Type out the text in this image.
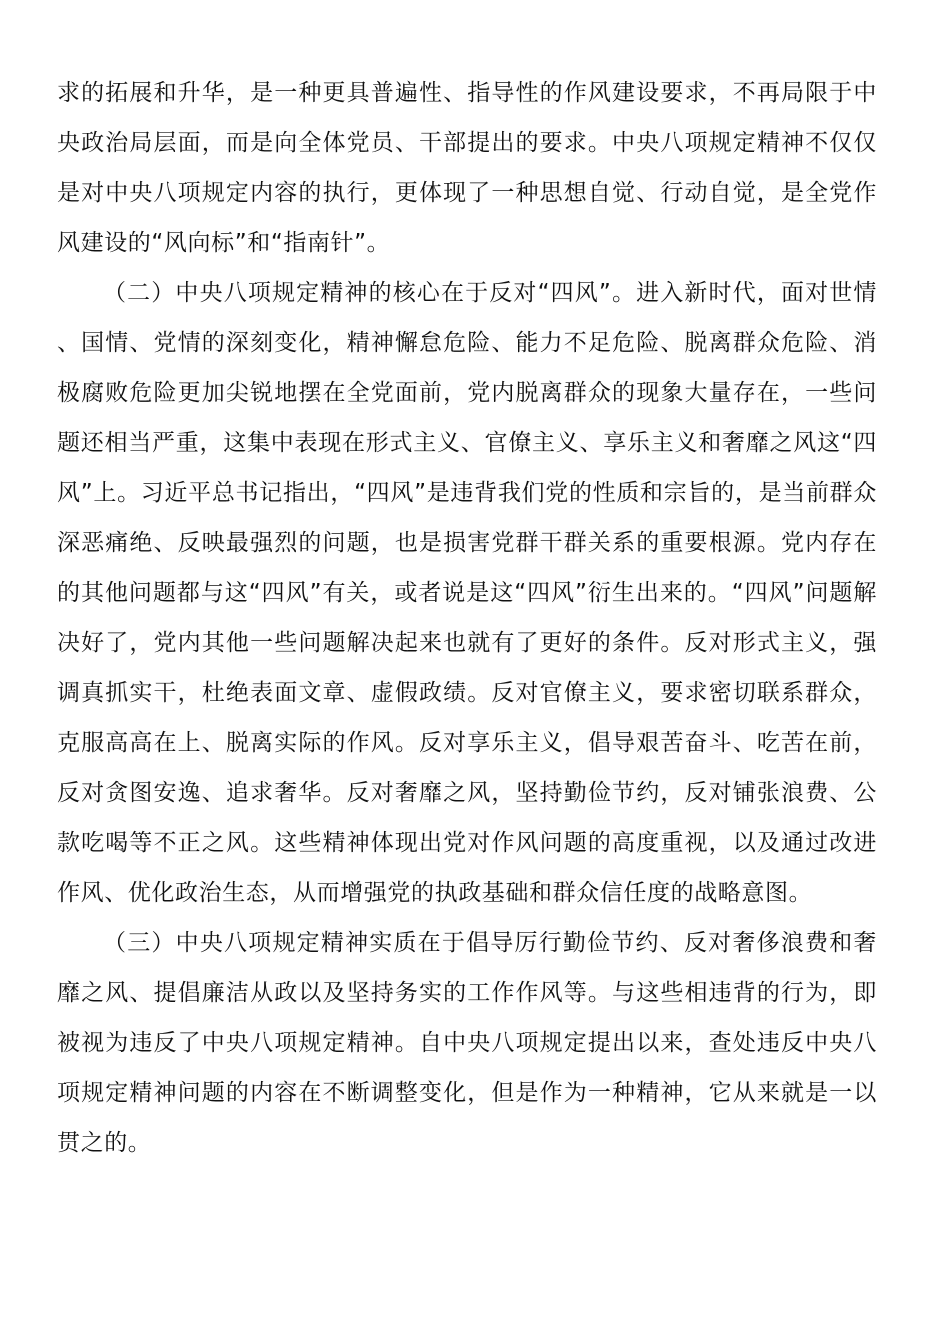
求的拓展和升华，是一种更具普遍性、指导性的作风建设要求，不再局限于中央政治局层面，而是向全体党员、干部提出的要求。中央八项规定精神不仅仅是对中央八项规定内容的执行，更体现了一种思想自觉、行动自觉，是全党作风建设的“风向标”和“指南针”。

（二）中央八项规定精神的核心在于反对“四风”。进入新时代，面对世情、国情、党情的深刻变化，精神懈怠危险、能力不足危险、脱离群众危险、消极腐败危险更加尖锐地摆在全党面前，党内脱离群众的现象大量存在，一些问题还相当严重，这集中表现在形式主义、官僚主义、享乐主义和奢靡之风这“四风”上。习近平总书记指出，“四风”是违背我们党的性质和宗旨的，是当前群众深恶痛绝、反映最强烈的问题，也是损害党群干群关系的重要根源。党内存在的其他问题都与这“四风”有关，或者说是这“四风”衍生出来的。“四风”问题解决好了，党内其他一些问题解决起来也就有了更好的条件。反对形式主义，强调真抓实干，杜绝表面文章、虚假政绩。反对官僚主义，要求密切联系群众，克服高高在上、脱离实际的作风。反对享乐主义，倡导艰苦奋斗、吃苦在前，反对贪图安逸、追求奢华。反对奢靡之风，坚持勤俭节约，反对铺张浪费、公款吃喝等不正之风。这些精神体现出党对作风问题的高度重视，以及通过改进作风、优化政治生态，从而增强党的执政基础和群众信任度的战略意图。

（三）中央八项规定精神实质在于倡导厉行勤俭节约、反对奢侈浪费和奢靡之风、提倡廉洁从政以及坚持务实的工作作风等。与这些相违背的行为，即被视为违反了中央八项规定精神。自中央八项规定提出以来，查处违反中央八项规定精神问题的内容在不断调整变化，但是作为一种精神，它从来就是一以贯之的。
